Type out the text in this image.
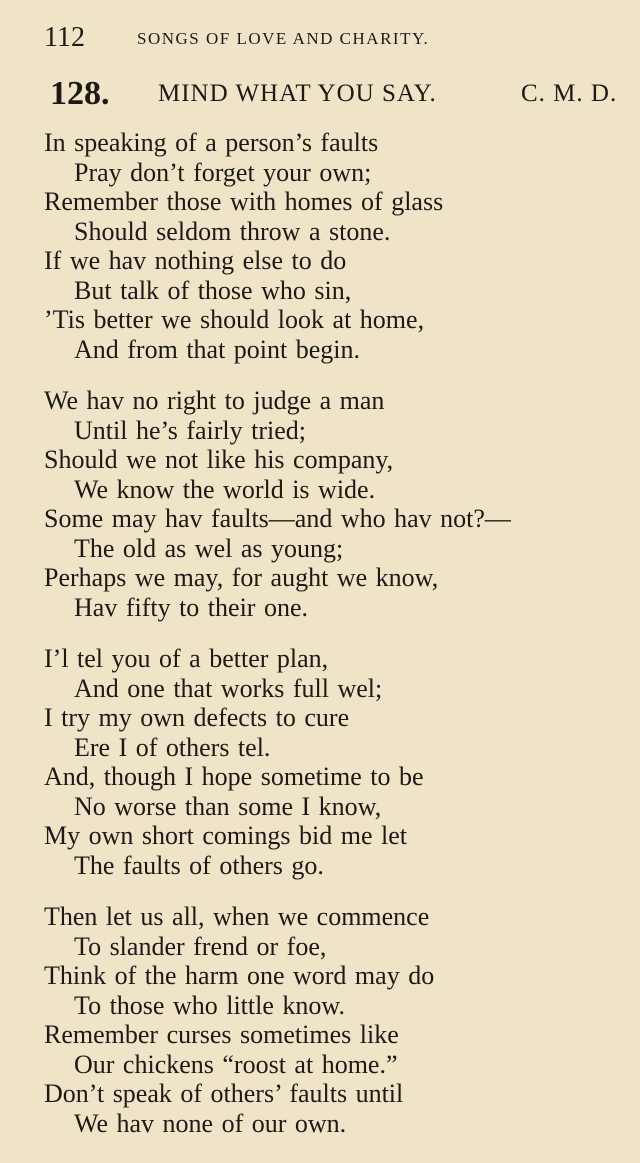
112	SONGS OF LOVE AND CHARITY.
128. MIND WHAT YOU SAY.	C. M. D.
In speaking of a person’s faults
Pray don’t forget your own;
Remember those with homes of glass
Should seldom throw a stone.
If we hav nothing else to do
But talk of those who sin,
’Tis better we should look at home,
And from that point begin.
We hav no right to judge a man
Until he’s fairly tried;
Should we not like his company,
We know the world is wide.
Some may hav faults—and who hav not?—
The old as wel as young;
Perhaps we may, for aught we know,
Hav fifty to their one.
I’l tel you of a better plan,
And one that works full wel;
I try my own defects to cure
Ere I of others tel.
And, though I hope sometime to be
No worse than some I know,
My own short comings bid me let
The faults of others go.
Then let us all, when we commence
To slander frend or foe,
Think of the harm one word may do
To those who little know.
Remember curses sometimes like
Our chickens “roost at home.”
Don’t speak of others’ faults until
We hav none of our own.
